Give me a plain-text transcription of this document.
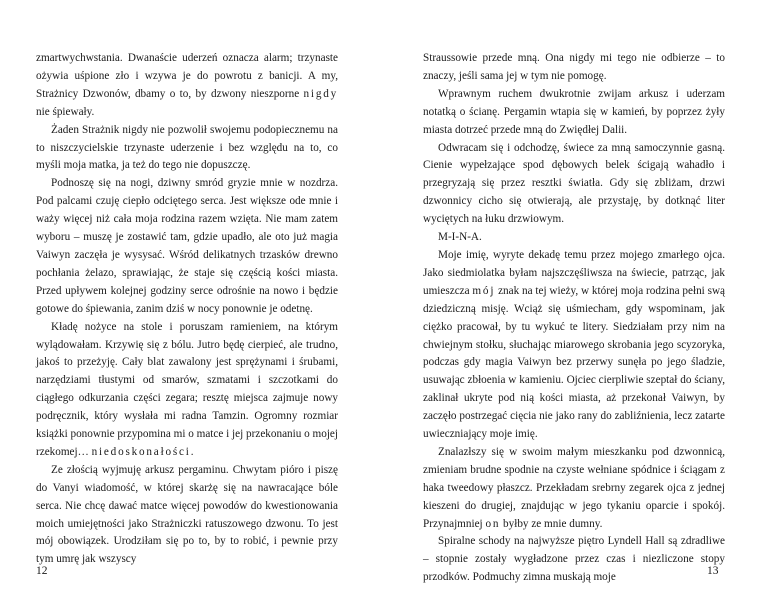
zmartwychwstania. Dwanaście uderzeń oznacza alarm; trzynaste ożywia uśpione zło i wzywa je do powrotu z banicji. A my, Strażnicy Dzwonów, dbamy o to, by dzwony nieszporne nigdy nie śpiewały.

Żaden Strażnik nigdy nie pozwolił swojemu podopiecznemu na to niszczycielskie trzynaste uderzenie i bez względu na to, co myśli moja matka, ja też do tego nie dopuszczę.

Podnoszę się na nogi, dziwny smród gryzie mnie w nozdrza. Pod palcami czuję ciepło odciętego serca. Jest większe ode mnie i waży więcej niż cała moja rodzina razem wzięta. Nie mam zatem wyboru – muszę je zostawić tam, gdzie upadło, ale oto już magia Vaiwyn zaczęła je wysysać. Wśród delikatnych trzasków drewno pochłania żelazo, sprawiając, że staje się częścią kości miasta. Przed upływem kolejnej godziny serce odrośnie na nowo i będzie gotowe do śpiewania, zanim dziś w nocy ponownie je odetnę.

Kładę nożyce na stole i poruszam ramieniem, na którym wylądowałam. Krzywię się z bólu. Jutro będę cierpieć, ale trudno, jakoś to przeżyję. Cały blat zawalony jest sprężynami i śrubami, narzędziami tłustymi od smarów, szmatami i szczotkami do ciągłego odkurzania części zegara; resztę miejsca zajmuje nowy podręcznik, który wysłała mi radna Tamzin. Ogromny rozmiar książki ponownie przypomina mi o matce i jej przekonaniu o mojej rzekomej… niedoskonałości.

Ze złością wyjmuję arkusz pergaminu. Chwytam pióro i piszę do Vanyi wiadomość, w której skarżę się na nawracające bóle serca. Nie chcę dawać matce więcej powodów do kwestionowania moich umiejętności jako Strażniczki ratuszowego dzwonu. To jest mój obowiązek. Urodziłam się po to, by to robić, i pewnie przy tym umrę jak wszyscy

12

Straussowie przede mną. Ona nigdy mi tego nie odbierze – to znaczy, jeśli sama jej w tym nie pomogę.

Wprawnym ruchem dwukrotnie zwijam arkusz i uderzam notatką o ścianę. Pergamin wtapia się w kamień, by poprzez żyły miasta dotrzeć przede mną do Zwiędłej Dalii.

Odwracam się i odchodzę, świece za mną samoczynnie gasną. Cienie wypełzające spod dębowych belek ścigają wahadło i przegryzają się przez resztki światła. Gdy się zbliżam, drzwi dzwonnicy cicho się otwierają, ale przystaję, by dotknąć liter wyciętych na łuku drzwiowym.

M-I-N-A.

Moje imię, wyryte dekadę temu przez mojego zmarłego ojca. Jako siedmiolatka byłam najszczęśliwsza na świecie, patrząc, jak umieszcza mój znak na tej wieży, w której moja rodzina pełni swą dziedziczną misję. Wciąż się uśmiecham, gdy wspominam, jak ciężko pracował, by tu wykuć te litery. Siedziałam przy nim na chwiejnym stołku, słuchając miarowego skrobania jego scyzoryka, podczas gdy magia Vaiwyn bez przerwy sunęła po jego śladzie, usuwając zbłoenia w kamieniu. Ojciec cierpliwie szeptał do ściany, zaklinał ukryte pod nią kości miasta, aż przekonał Vaiwyn, by zaczęło postrzegać cięcia nie jako rany do zabliźnienia, lecz zatarte uwieczniający moje imię.

Znalazłszy się w swoim małym mieszkanku pod dzwonnicą, zmieniam brudne spodnie na czyste wełniane spódnice i ściągam z haka tweedowy płaszcz. Przekładam srebrny zegarek ojca z jednej kieszeni do drugiej, znajdując w jego tykaniu oparcie i spokój. Przynajmniej on byłby ze mnie dumny.

Spiralne schody na najwyższe piętro Lyndell Hall są zdradliwe – stopnie zostały wygładzone przez czas i niezliczone stopy przodków. Podmuchy zimna muskają moje

13
